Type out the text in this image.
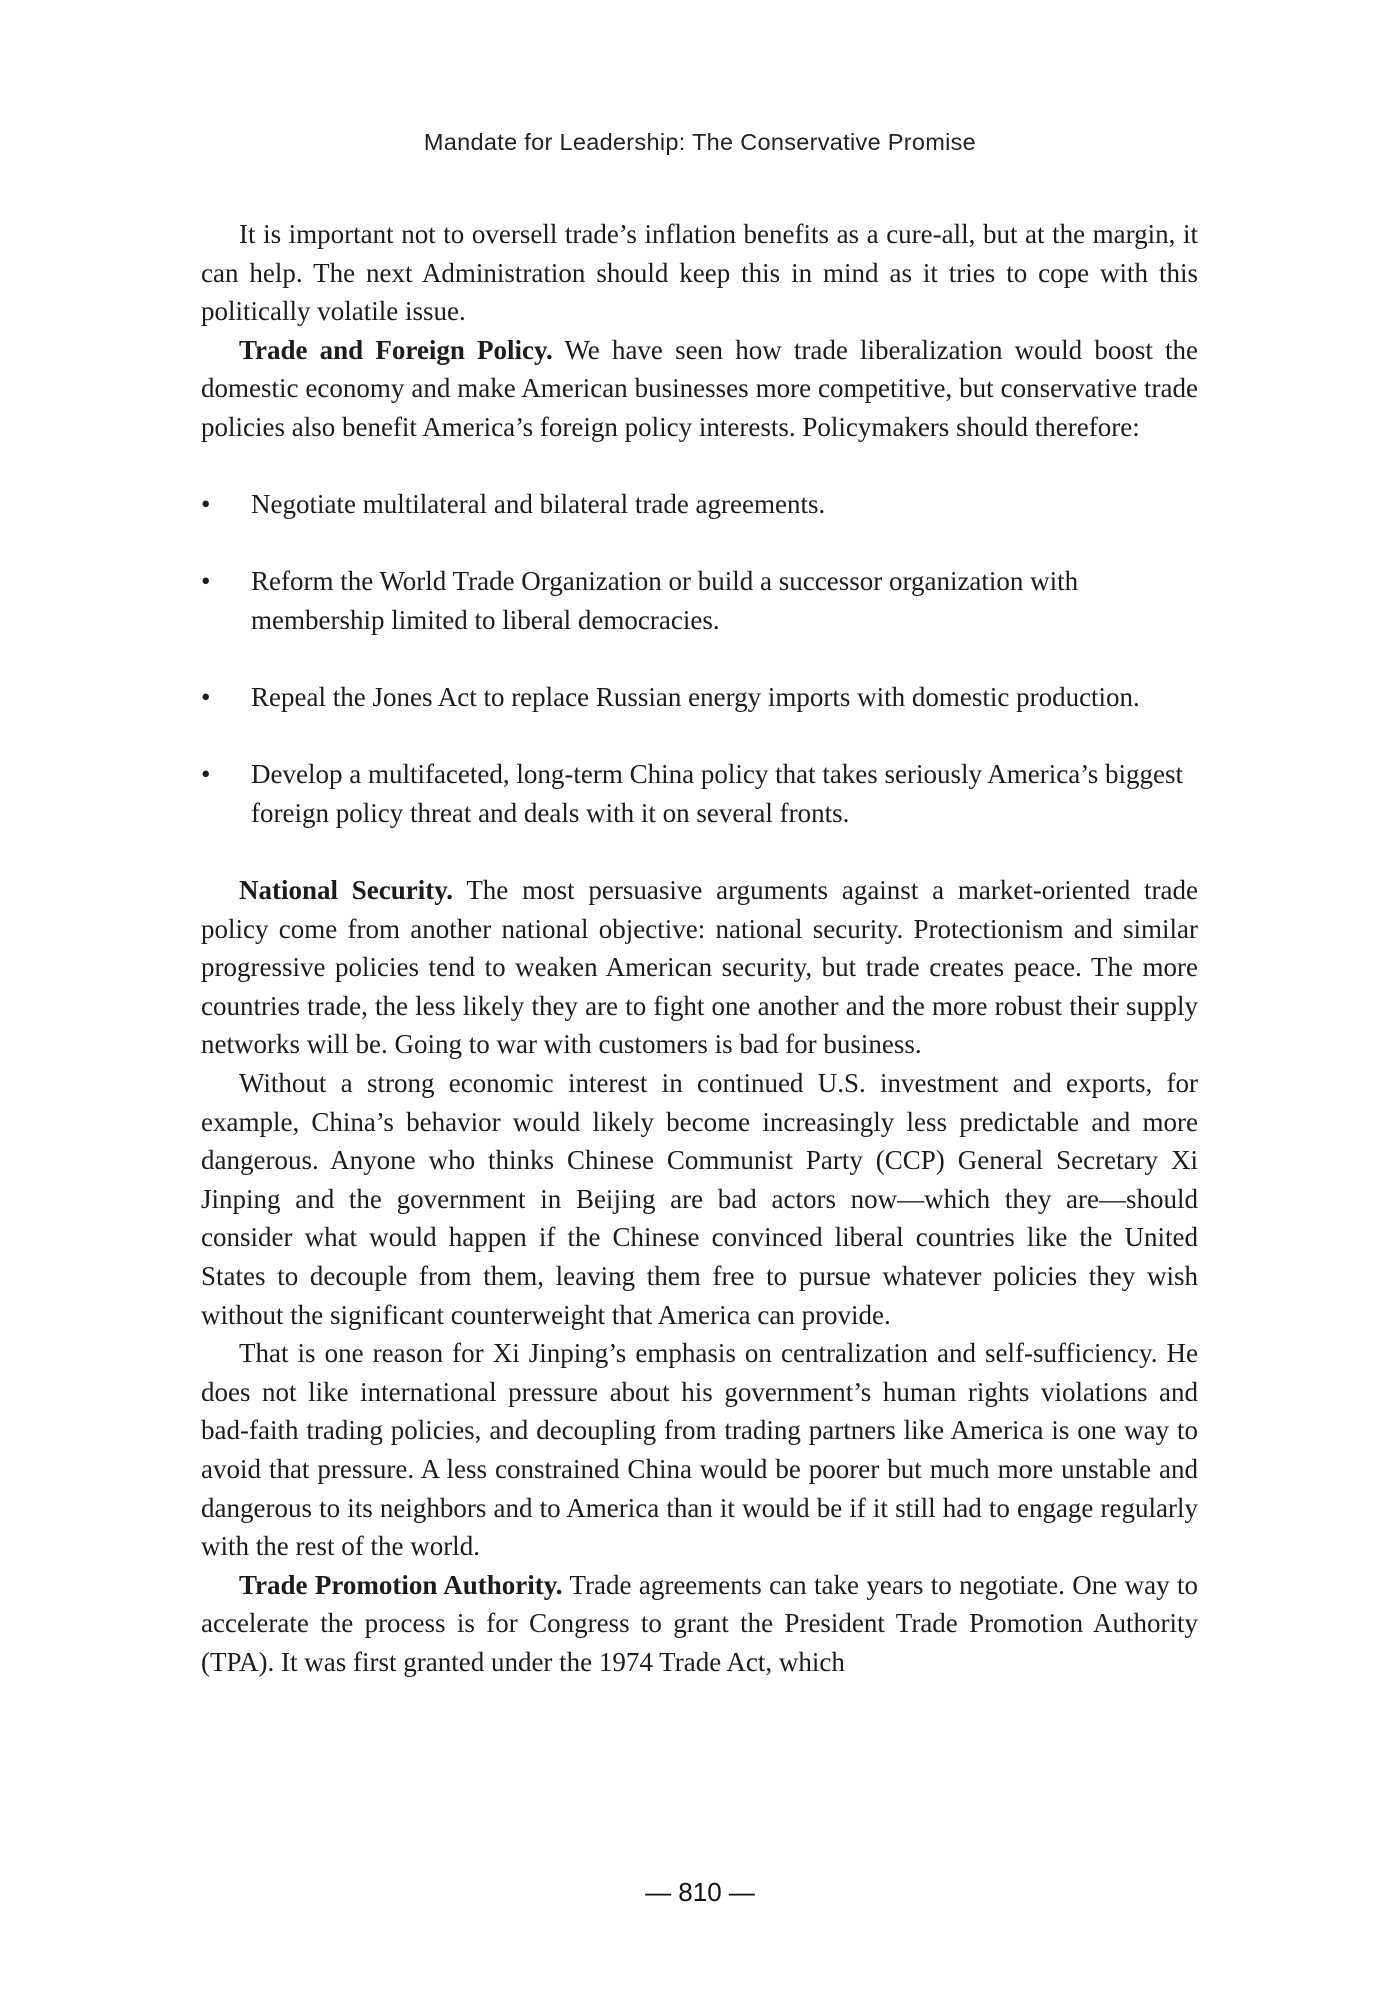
Mandate for Leadership: The Conservative Promise

It is important not to oversell trade’s inflation benefits as a cure-all, but at the margin, it can help. The next Administration should keep this in mind as it tries to cope with this politically volatile issue.

Trade and Foreign Policy. We have seen how trade liberalization would boost the domestic economy and make American businesses more competitive, but conservative trade policies also benefit America’s foreign policy interests. Policymakers should therefore:

•	Negotiate multilateral and bilateral trade agreements.
•	Reform the World Trade Organization or build a successor organization with membership limited to liberal democracies.
•	Repeal the Jones Act to replace Russian energy imports with domestic production.
•	Develop a multifaceted, long-term China policy that takes seriously America’s biggest foreign policy threat and deals with it on several fronts.

National Security. The most persuasive arguments against a market-oriented trade policy come from another national objective: national security. Protectionism and similar progressive policies tend to weaken American security, but trade creates peace. The more countries trade, the less likely they are to fight one another and the more robust their supply networks will be. Going to war with customers is bad for business.

Without a strong economic interest in continued U.S. investment and exports, for example, China’s behavior would likely become increasingly less predictable and more dangerous. Anyone who thinks Chinese Communist Party (CCP) General Secretary Xi Jinping and the government in Beijing are bad actors now—which they are—should consider what would happen if the Chinese convinced liberal countries like the United States to decouple from them, leaving them free to pursue whatever policies they wish without the significant counterweight that America can provide.

That is one reason for Xi Jinping’s emphasis on centralization and self-sufficiency. He does not like international pressure about his government’s human rights violations and bad-faith trading policies, and decoupling from trading partners like America is one way to avoid that pressure. A less constrained China would be poorer but much more unstable and dangerous to its neighbors and to America than it would be if it still had to engage regularly with the rest of the world.

Trade Promotion Authority. Trade agreements can take years to negotiate. One way to accelerate the process is for Congress to grant the President Trade Promotion Authority (TPA). It was first granted under the 1974 Trade Act, which

— 810 —
